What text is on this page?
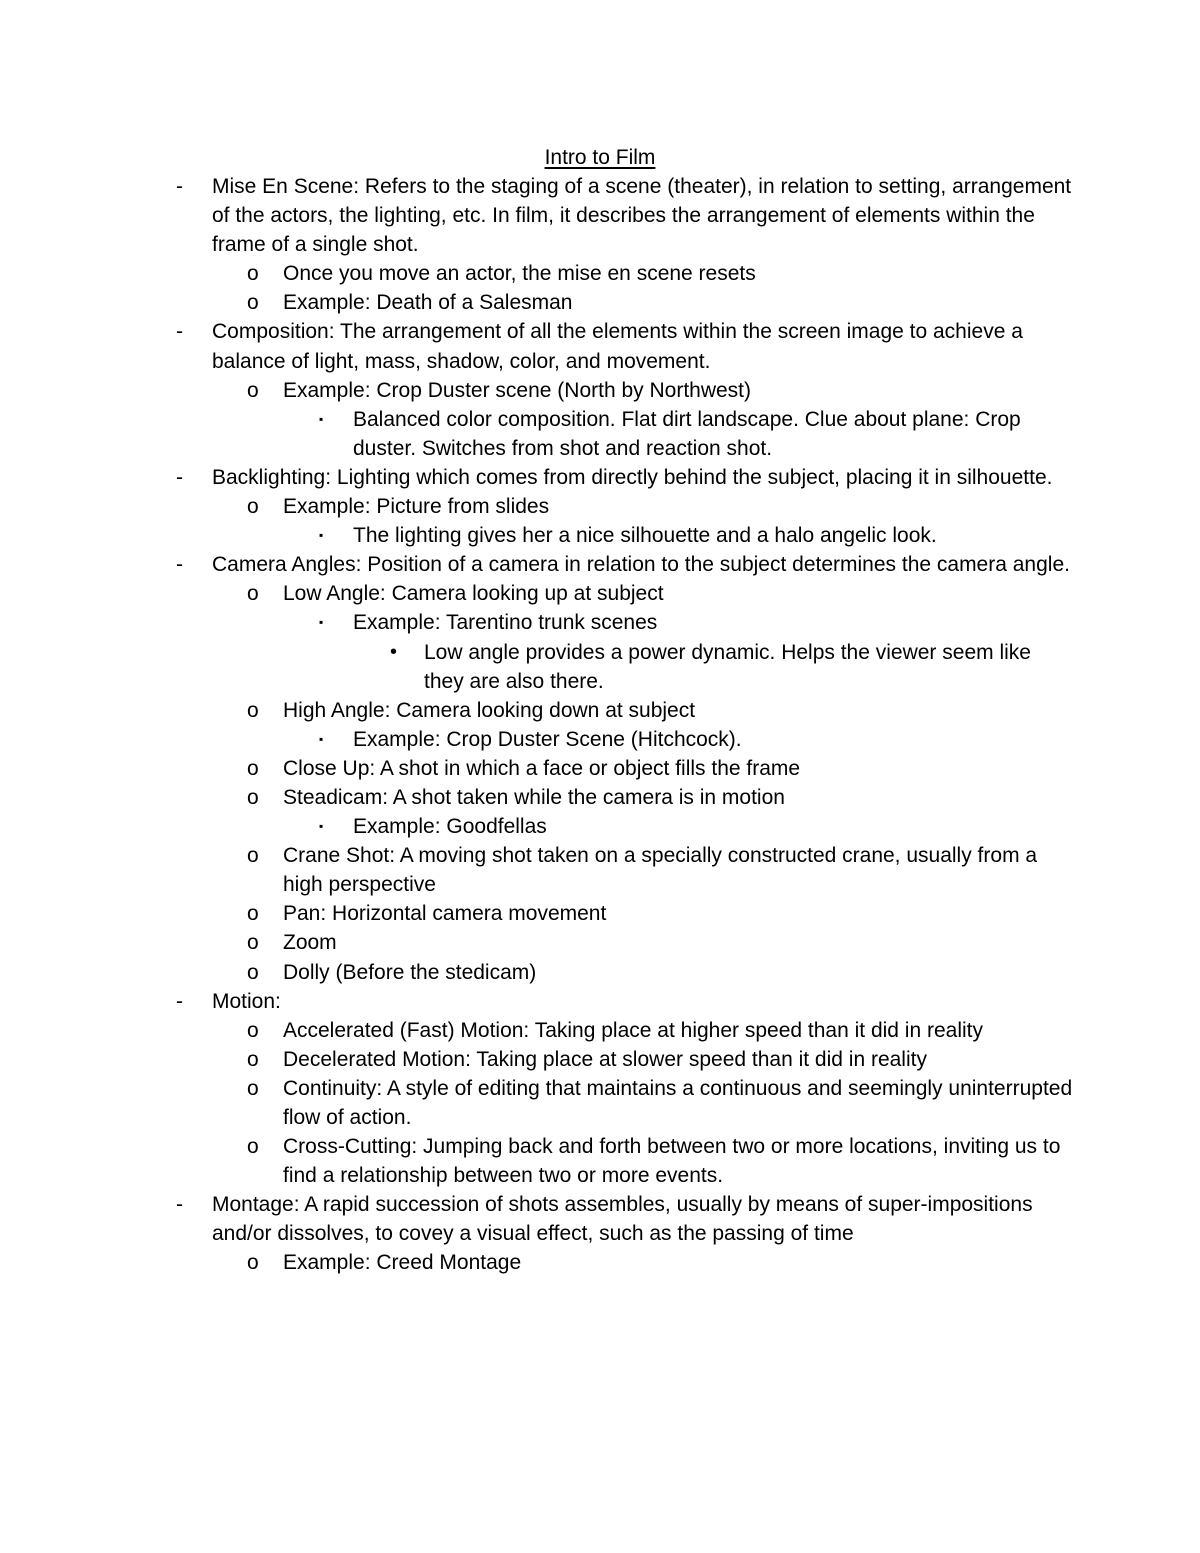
Intro to Film
- Mise En Scene: Refers to the staging of a scene (theater), in relation to setting, arrangement of the actors, the lighting, etc. In film, it describes the arrangement of elements within the frame of a single shot.
o Once you move an actor, the mise en scene resets
o Example: Death of a Salesman
- Composition: The arrangement of all the elements within the screen image to achieve a balance of light, mass, shadow, color, and movement.
o Example: Crop Duster scene (North by Northwest)
▪ Balanced color composition. Flat dirt landscape. Clue about plane: Crop duster. Switches from shot and reaction shot.
- Backlighting: Lighting which comes from directly behind the subject, placing it in silhouette.
o Example: Picture from slides
▪ The lighting gives her a nice silhouette and a halo angelic look.
- Camera Angles: Position of a camera in relation to the subject determines the camera angle.
o Low Angle: Camera looking up at subject
▪ Example: Tarentino trunk scenes
• Low angle provides a power dynamic. Helps the viewer seem like they are also there.
o High Angle: Camera looking down at subject
▪ Example: Crop Duster Scene (Hitchcock).
o Close Up: A shot in which a face or object fills the frame
o Steadicam: A shot taken while the camera is in motion
▪ Example: Goodfellas
o Crane Shot: A moving shot taken on a specially constructed crane, usually from a high perspective
o Pan: Horizontal camera movement
o Zoom
o Dolly (Before the stedicam)
- Motion:
o Accelerated (Fast) Motion: Taking place at higher speed than it did in reality
o Decelerated Motion: Taking place at slower speed than it did in reality
o Continuity: A style of editing that maintains a continuous and seemingly uninterrupted flow of action.
o Cross-Cutting: Jumping back and forth between two or more locations, inviting us to find a relationship between two or more events.
- Montage: A rapid succession of shots assembles, usually by means of super-impositions and/or dissolves, to covey a visual effect, such as the passing of time
o Example: Creed Montage
